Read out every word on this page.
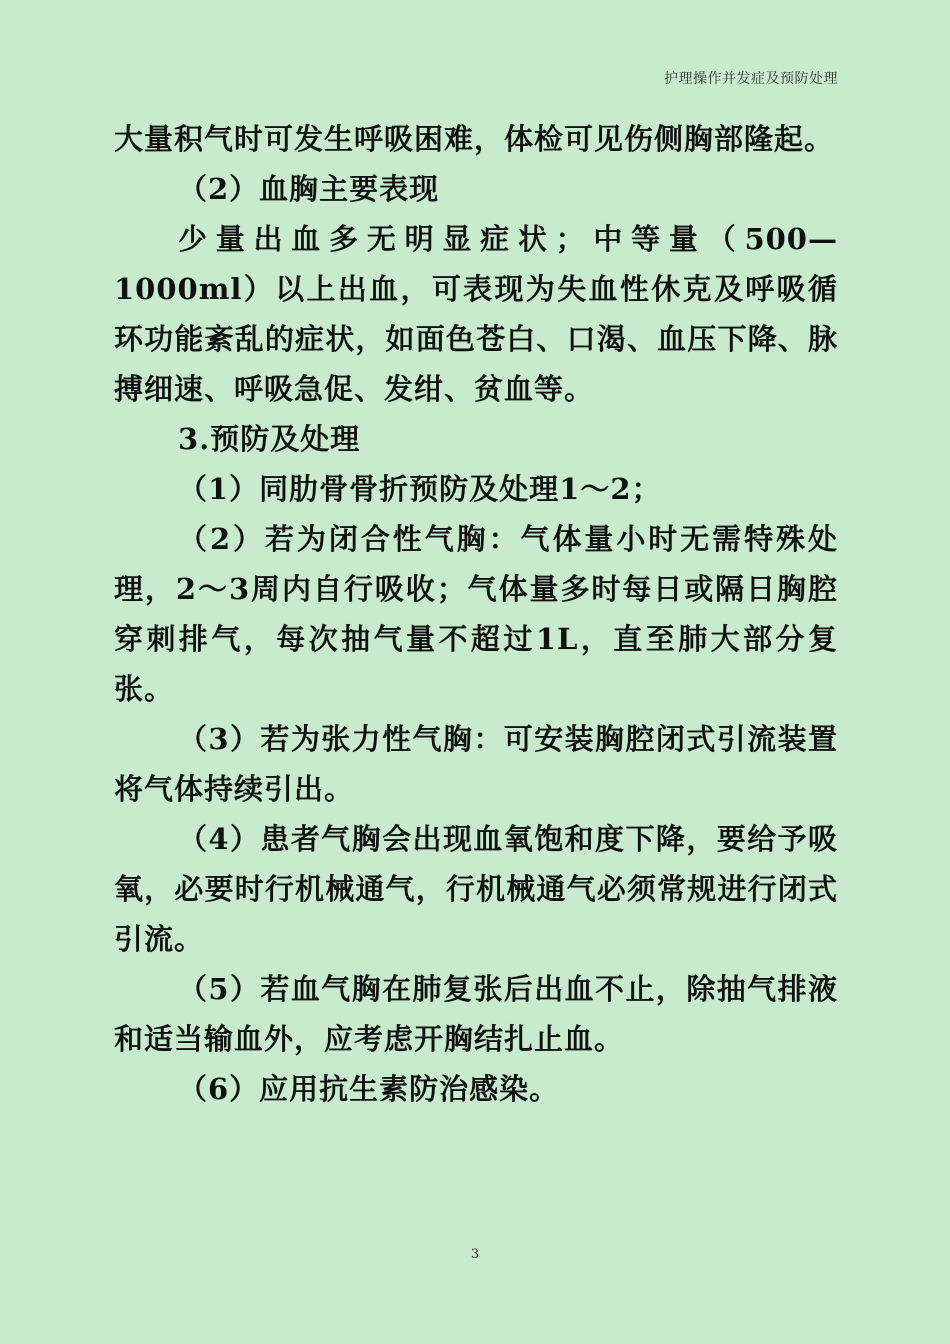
护理操作并发症及预防处理

大量积气时可发生呼吸困难，体检可见伤侧胸部隆起。

（2）血胸主要表现

少量出血多无明显症状；中等量（500—1000ml）以上出血，可表现为失血性休克及呼吸循环功能紊乱的症状，如面色苍白、口渴、血压下降、脉搏细速、呼吸急促、发绀、贫血等。

3.预防及处理

（1）同肋骨骨折预防及处理1～2；

（2）若为闭合性气胸：气体量小时无需特殊处理，2～3周内自行吸收；气体量多时每日或隔日胸腔穿刺排气，每次抽气量不超过1L，直至肺大部分复张。

（3）若为张力性气胸：可安装胸腔闭式引流装置将气体持续引出。

（4）患者气胸会出现血氧饱和度下降，要给予吸氧，必要时行机械通气，行机械通气必须常规进行闭式引流。

（5）若血气胸在肺复张后出血不止，除抽气排液和适当输血外，应考虑开胸结扎止血。

（6）应用抗生素防治感染。

3
